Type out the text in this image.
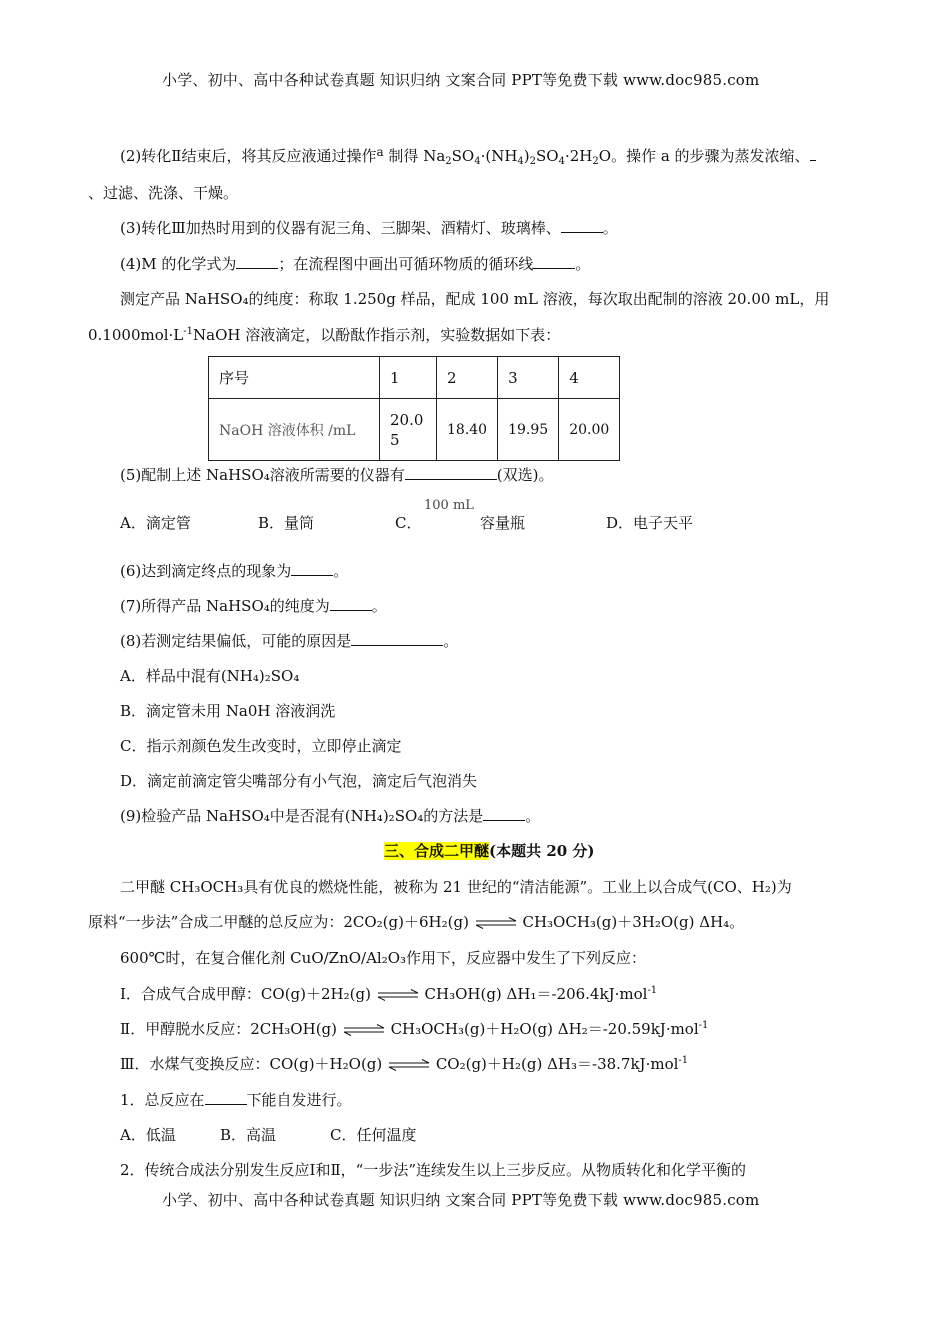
小学、初中、高中各种试卷真题 知识归纳 文案合同 PPT等免费下载 www.doc985.com
(2)转化Ⅱ结束后，将其反应液通过操作$^a$ 制得 $Na_2SO_4\cdot(NH_4)_2SO_4\cdot 2H_2O$。操作 a 的步骤为蒸发浓缩、
、过滤、洗涤、干燥。
(3)转化Ⅲ加热时用到的仪器有泥三角、三脚架、酒精灯、玻璃棒、	。
(4)M 的化学式为	；在流程图中画出可循环物质的循环线	。
测定产品 NaHSO₄的纯度：称取 1.250g 样品，配成 100 mL 溶液，每次取出配制的溶液 20.00 mL，用
$0.1000mol\cdot L^{-1}NaOH$ 溶液滴定，以酚酞作指示剂，实验数据如下表：
序号	1	2	3	4
NaOH 溶液体积 /mL	20.05	18.40	19.95	20.00
(5)配制上述 NaHSO₄溶液所需要的仪器有	(双选)。
100 mL
A．滴定管	B．量筒	C．	容量瓶	D．电子天平
(6)达到滴定终点的现象为	。
(7)所得产品 NaHSO₄的纯度为	。
(8)若测定结果偏低，可能的原因是	。
A．样品中混有(NH₄)₂SO₄
B．滴定管未用 Na0H 溶液润洗
C．指示剂颜色发生改变时，立即停止滴定
D．滴定前滴定管尖嘴部分有小气泡，滴定后气泡消失
(9)检验产品 NaHSO₄中是否混有(NH₄)₂SO₄的方法是	。
三、合成二甲醚(本题共 20 分)
二甲醚 CH₃OCH₃具有优良的燃烧性能，被称为 21 世纪的“清洁能源”。工业上以合成气(CO、H₂)为
原料“一步法”合成二甲醚的总反应为：2CO₂(g)＋6H₂(g) ⇌ CH₃OCH₃(g)＋3H₂O(g) ΔH₄。
600℃时，在复合催化剂 CuO/ZnO/Al₂O₃作用下，反应器中发生了下列反应：
Ⅰ．合成气合成甲醇：CO(g)＋2H₂(g) ⇌ CH₃OH(g) ΔH₁＝-206.4kJ·mol$^{-1}$
Ⅱ．甲醇脱水反应：2CH₃OH(g) ⇌ CH₃OCH₃(g)＋H₂O(g) ΔH₂＝-20.59kJ·mol$^{-1}$
Ⅲ．水煤气变换反应：CO(g)＋H₂O(g) ⇌ CO₂(g)＋H₂(g) ΔH₃＝-38.7kJ·mol$^{-1}$
1．总反应在	下能自发进行。
A．低温	B．高温	C．任何温度
2．传统合成法分别发生反应Ⅰ和Ⅱ，“一步法”连续发生以上三步反应。从物质转化和化学平衡的
小学、初中、高中各种试卷真题 知识归纳 文案合同 PPT等免费下载 www.doc985.com
